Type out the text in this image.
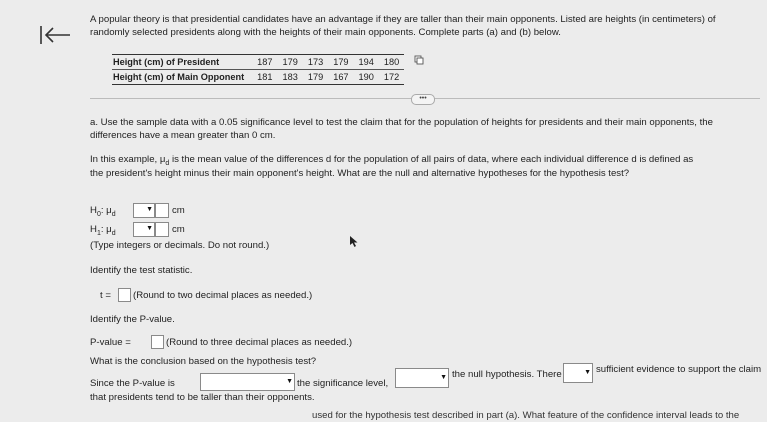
A popular theory is that presidential candidates have an advantage if they are taller than their main opponents. Listed are heights (in centimeters) of
randomly selected presidents along with the heights of their main opponents. Complete parts (a) and (b) below.
Height (cm) of President	187	179	173	179	194	180
Height (cm) of Main Opponent	181	183	179	167	190	172
•••
a. Use the sample data with a 0.05 significance level to test the claim that for the population of heights for presidents and their main opponents, the
differences have a mean greater than 0 cm.
In this example, $\mu_d$ is the mean value of the differences d for the population of all pairs of data, where each individual difference d is defined as
the president's height minus their main opponent's height. What are the null and alternative hypotheses for the hypothesis test?
$H_0$: $\mu_d$
▼ cm
$H_1$: $\mu_d$
▼ cm
(Type integers or decimals. Do not round.)
Identify the test statistic.
t = (Round to two decimal places as needed.)
Identify the P-value.
P-value =	(Round to three decimal places as needed.)
What is the conclusion based on the hypothesis test?
Since the P-value is	▼ the significance level,
▼ the null hypothesis. There	▼ sufficient evidence to support the claim
that presidents tend to be taller than their opponents.
used for the hypothesis test described in part (a). What feature of the confidence interval leads to the
